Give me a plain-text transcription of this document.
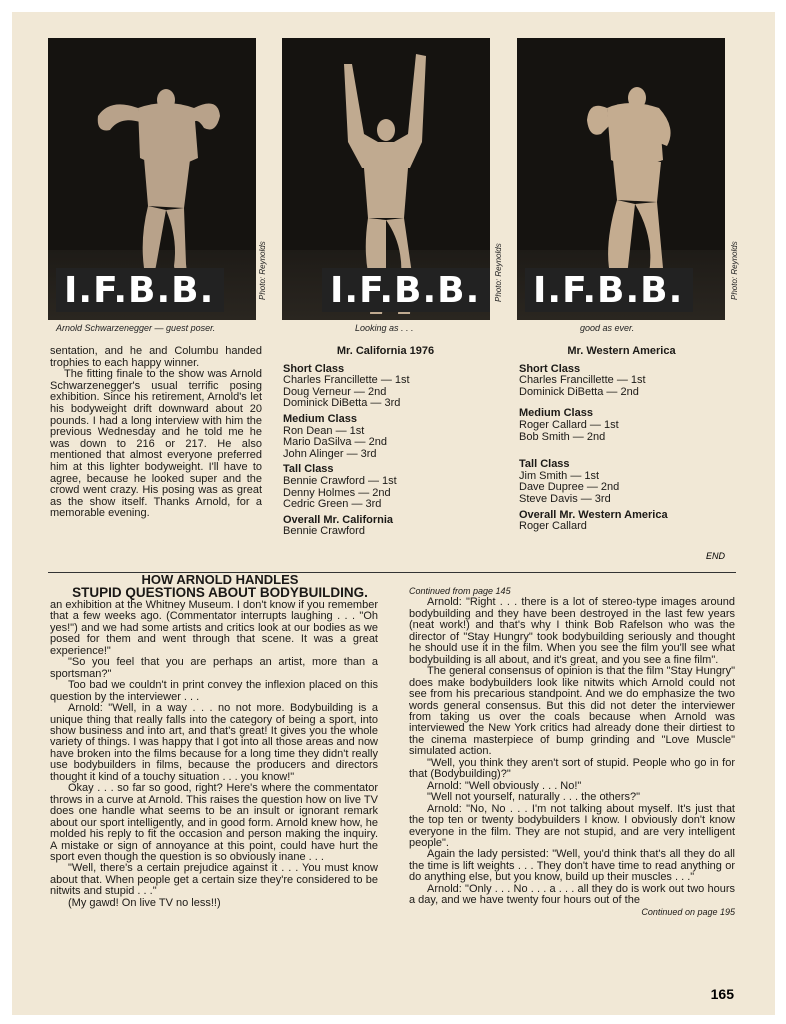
I.F.B.B.	Photo: Reynolds
Arnold Schwarzenegger — guest poser.
I.F.B.B.	Photo: Reynolds
Looking as . . .
I.F.B.B.	Photo: Reynolds
good as ever.

sentation, and he and Columbu handed trophies to each happy winner.

The fitting finale to the show was Arnold Schwarzenegger's usual terrific posing exhibition. Since his retirement, Arnold's let his bodyweight drift downward about 20 pounds. I had a long interview with him the previous Wednesday and he told me he was down to 216 or 217. He also mentioned that almost everyone preferred him at this lighter bodyweight. I'll have to agree, because he looked super and the crowd went crazy. His posing was as great as the show itself. Thanks Arnold, for a memorable evening.

Mr. California 1976
Short Class
Charles Francillette — 1st
Doug Verneur — 2nd
Dominick DiBetta — 3rd
Medium Class
Ron Dean — 1st
Mario DaSilva — 2nd
John Alinger — 3rd
Tall Class
Bennie Crawford — 1st
Denny Holmes — 2nd
Cedric Green — 3rd
Overall Mr. California
Bennie Crawford
Mr. Western America
Short Class
Charles Francillette — 1st
Dominick DiBetta — 2nd
Medium Class
Roger Callard — 1st
Bob Smith — 2nd
Tall Class
Jim Smith — 1st
Dave Dupree — 2nd
Steve Davis — 3rd
Overall Mr. Western America
Roger Callard
END
HOW ARNOLD HANDLES
STUPID QUESTIONS ABOUT BODYBUILDING.

an exhibition at the Whitney Museum. I don't know if you remember that a few weeks ago. (Commentator interrupts laughing . . . "Oh yes!") and we had some artists and critics look at our bodies as we posed for them and went through that scene. It was a great experience!"

"So you feel that you are perhaps an artist, more than a sportsman?"

Too bad we couldn't in print convey the inflexion placed on this question by the interviewer . . .

Arnold: "Well, in a way . . . no not more. Bodybuilding is a unique thing that really falls into the category of being a sport, into show business and into art, and that's great! It gives you the whole variety of things. I was happy that I got into all those areas and now have broken into the films because for a long time they didn't really use bodybuilders in films, because the producers and directors thought it kind of a touchy situation . . . you know!"

Okay . . . so far so good, right? Here's where the commentator throws in a curve at Arnold. This raises the question how on live TV does one handle what seems to be an insult or ignorant remark about our sport intelligently, and in good form. Arnold knew how, he molded his reply to fit the occasion and person making the inquiry. A mistake or sign of annoyance at this point, could have hurt the sport even though the question is so obviously inane . . .

"Well, there's a certain prejudice against it . . . You must know about that. When people get a certain size they're considered to be nitwits and stupid . . ."

(My gawd! On live TV no less!!)

Continued from page 145

Arnold: "Right . . . there is a lot of stereo-type images around bodybuilding and they have been destroyed in the last few years (neat work!) and that's why I think Bob Rafelson who was the director of "Stay Hungry" took bodybuilding seriously and thought he should use it in the film. When you see the film you'll see what bodybuilding is all about, and it's great, and you see a fine film".

The general consensus of opinion is that the film "Stay Hungry" does make bodybuilders look like nitwits which Arnold could not see from his precarious standpoint. And we do emphasize the two words general consensus. But this did not deter the interviewer from taking us over the coals because when Arnold was interviewed the New York critics had already done their dirtiest to the cinema masterpiece of bump grinding and "Love Muscle" simulated action.

"Well, you think they aren't sort of stupid. People who go in for that (Bodybuilding)?"

Arnold: "Well obviously . . . No!"

"Well not yourself, naturally . . . the others?"

Arnold: "No, No . . . I'm not talking about myself. It's just that the top ten or twenty bodybuilders I know. I obviously don't know everyone in the film. They are not stupid, and are very intelligent people".

Again the lady persisted: "Well, you'd think that's all they do all the time is lift weights . . . They don't have time to read anything or do anything else, but you know, build up their muscles . . ."

Arnold: "Only . . . No . . . a . . . all they do is work out two hours a day, and we have twenty four hours out of the

Continued on page 195
165
